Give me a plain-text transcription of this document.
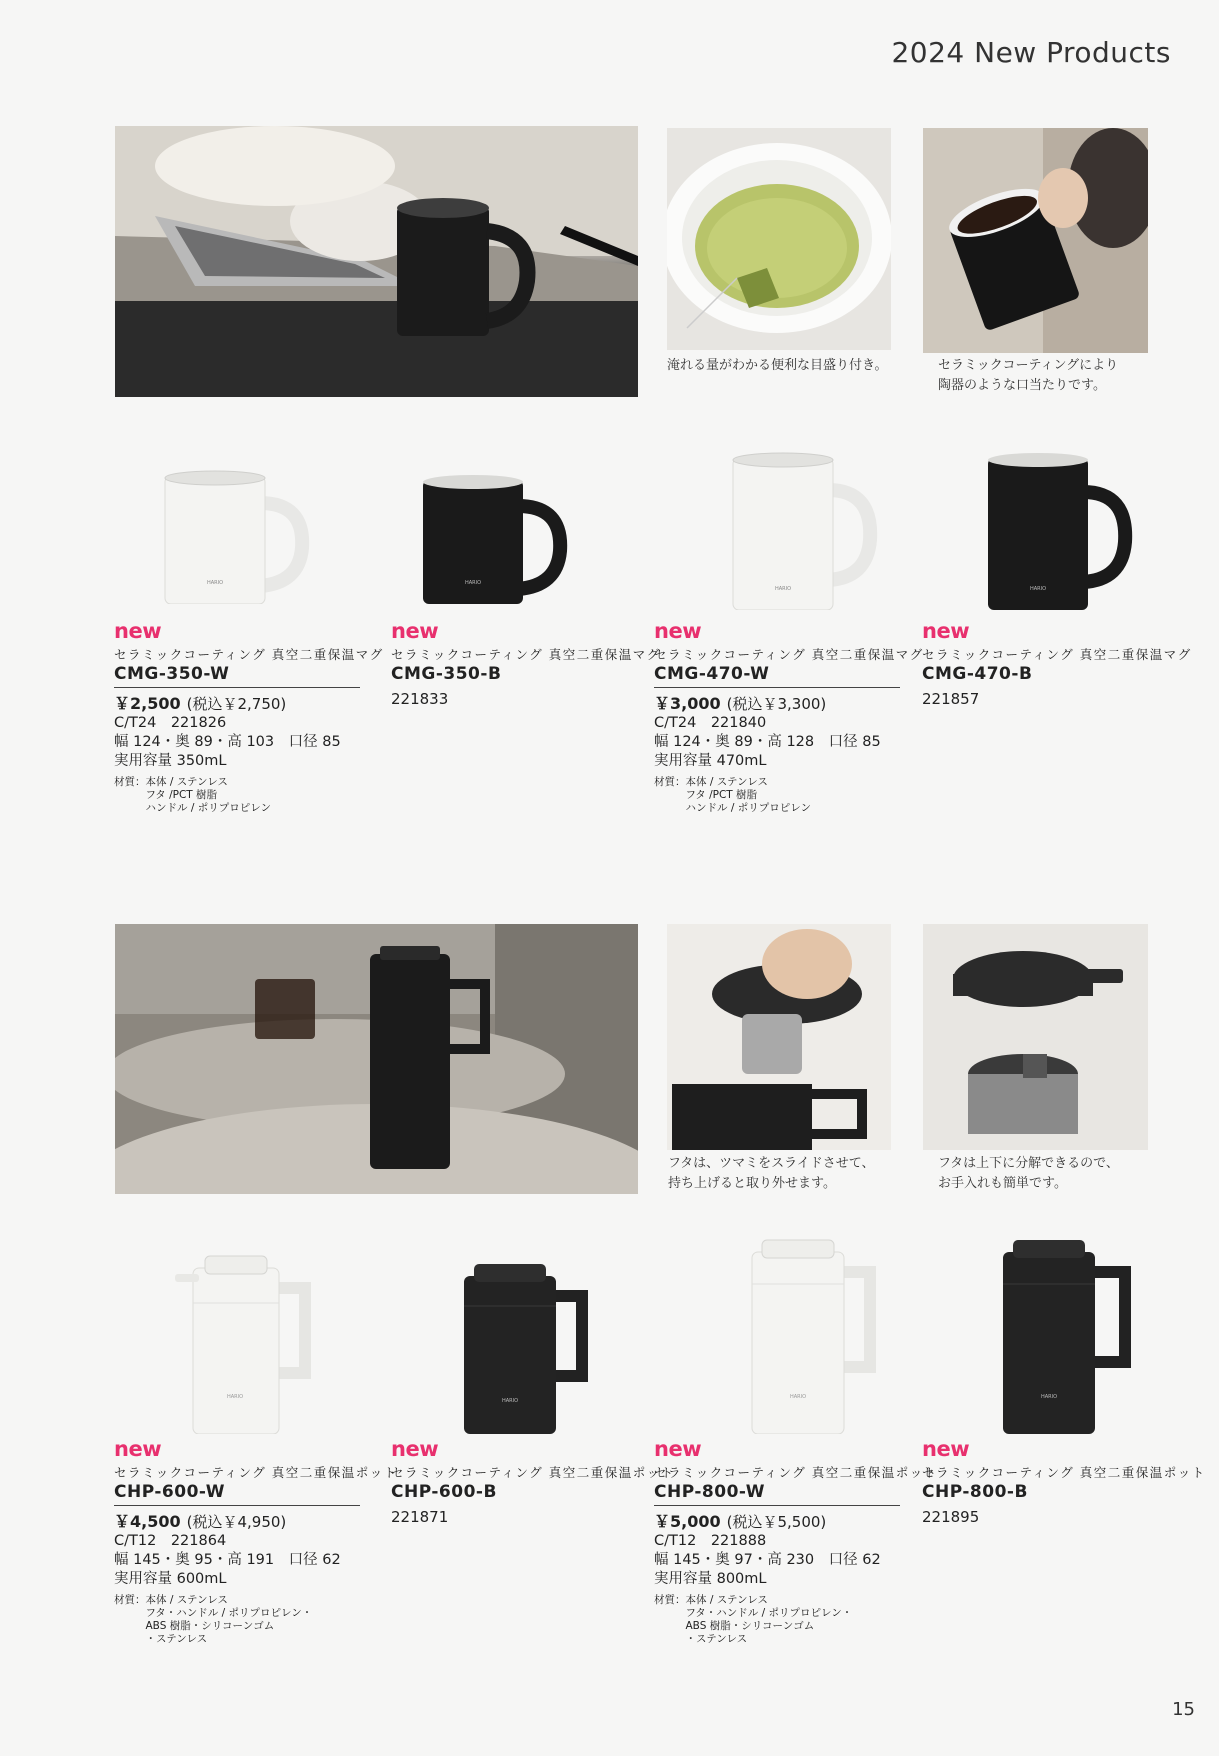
2024 New Products
淹れる量がわかる便利な目盛り付き。	セラミックコーティングにより
陶器のような口当たりです。
HARIO	HARIO
HARIO	HARIO
new
セラミックコーティング 真空二重保温マグ
CMG-350-W
￥2,500 (税込￥2,750)
C/T24　221826
幅 124・奥 89・高 103　口径 85
実用容量 350mL
材質： 本体 / ステンレス
フタ /PCT 樹脂
ハンドル / ポリプロピレン
new
セラミックコーティング 真空二重保温マグ
CMG-350-B
221833
new
セラミックコーティング 真空二重保温マグ
CMG-470-W
￥3,000 (税込￥3,300)
C/T24　221840
幅 124・奥 89・高 128　口径 85
実用容量 470mL
材質： 本体 / ステンレス
フタ /PCT 樹脂
ハンドル / ポリプロピレン
new
セラミックコーティング 真空二重保温マグ
CMG-470-B
221857
フタは、ツマミをスライドさせて、
持ち上げると取り外せます。
フタは上下に分解できるので、
お手入れも簡単です。
HARIO
HARIO
HARIO	HARIO
new
セラミックコーティング 真空二重保温ポット
CHP-600-W
￥4,500 (税込￥4,950)
C/T12　221864
幅 145・奥 95・高 191　口径 62
実用容量 600mL
材質： 本体 / ステンレス
フタ・ハンドル / ポリプロピレン・
ABS 樹脂・シリコーンゴム
・ステンレス
new
セラミックコーティング 真空二重保温ポット
CHP-600-B
221871
new
セラミックコーティング 真空二重保温ポット
CHP-800-W
￥5,000 (税込￥5,500)
C/T12　221888
幅 145・奥 97・高 230　口径 62
実用容量 800mL
材質： 本体 / ステンレス
フタ・ハンドル / ポリプロピレン・
ABS 樹脂・シリコーンゴム
・ステンレス
new
セラミックコーティング 真空二重保温ポット
CHP-800-B
221895
15
